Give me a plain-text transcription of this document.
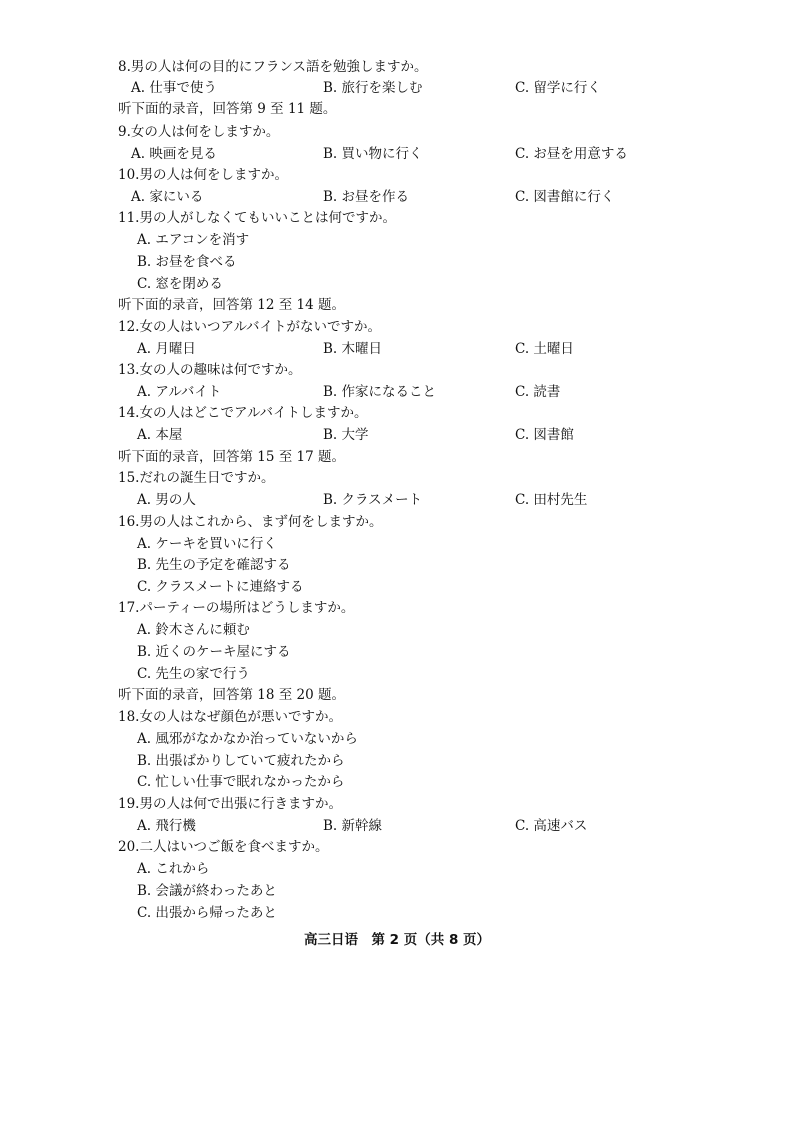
8.男の人は何の目的にフランス語を勉強しますか。
A. 仕事で使う	B. 旅行を楽しむ	C. 留学に行く
听下面的录音，回答第 9 至 11 题。
9.女の人は何をしますか。
A. 映画を見る	B. 買い物に行く	C. お昼を用意する
10.男の人は何をしますか。
A. 家にいる	B. お昼を作る	C. 図書館に行く
11.男の人がしなくてもいいことは何ですか。
A. エアコンを消す
B. お昼を食べる
C. 窓を閉める
听下面的录音，回答第 12 至 14 题。
12.女の人はいつアルバイトがないですか。
A. 月曜日	B. 木曜日	C. 土曜日
13.女の人の趣味は何ですか。
A. アルバイト	B. 作家になること	C. 読書
14.女の人はどこでアルバイトしますか。
A. 本屋	B. 大学	C. 図書館
听下面的录音，回答第 15 至 17 题。
15.だれの誕生日ですか。
A. 男の人	B. クラスメート	C. 田村先生
16.男の人はこれから、まず何をしますか。
A. ケーキを買いに行く
B. 先生の予定を確認する
C. クラスメートに連絡する
17.パーティーの場所はどうしますか。
A. 鈴木さんに頼む
B. 近くのケーキ屋にする
C. 先生の家で行う
听下面的录音，回答第 18 至 20 题。
18.女の人はなぜ顔色が悪いですか。
A. 風邪がなかなか治っていないから
B. 出張ばかりしていて疲れたから
C. 忙しい仕事で眠れなかったから
19.男の人は何で出張に行きますか。
A. 飛行機	B. 新幹線	C. 高速バス
20.二人はいつご飯を食べますか。
A. これから
B. 会議が終わったあと
C. 出張から帰ったあと
高三日语　第 2 页（共 8 页）
